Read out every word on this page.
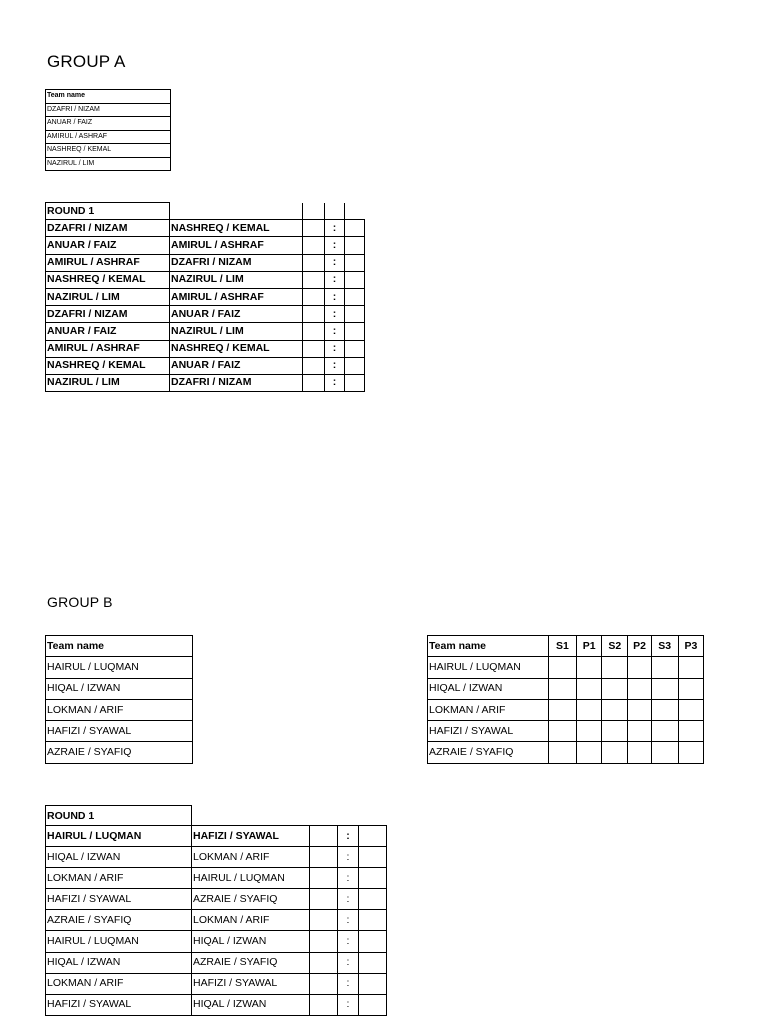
GROUP A
Team name
DZAFRI / NIZAM
ANUAR / FAIZ
AMIRUL / ASHRAF
NASHREQ / KEMAL
NAZIRUL / LIM
ROUND 1				
DZAFRI / NIZAM	NASHREQ / KEMAL		:	
ANUAR / FAIZ	AMIRUL / ASHRAF		:	
AMIRUL / ASHRAF	DZAFRI / NIZAM		:	
NASHREQ / KEMAL	NAZIRUL / LIM		:	
NAZIRUL / LIM	AMIRUL / ASHRAF		:	
DZAFRI / NIZAM	ANUAR / FAIZ		:	
ANUAR / FAIZ	NAZIRUL / LIM		:	
AMIRUL / ASHRAF	NASHREQ / KEMAL		:	
NASHREQ / KEMAL	ANUAR / FAIZ		:	
NAZIRUL / LIM	DZAFRI / NIZAM		:	
GROUP B
Team name
HAIRUL / LUQMAN
HIQAL / IZWAN
LOKMAN / ARIF
HAFIZI / SYAWAL
AZRAIE / SYAFIQ
Team name	S1	P1	S2	P2	S3	P3
HAIRUL / LUQMAN						
HIQAL / IZWAN						
LOKMAN / ARIF						
HAFIZI / SYAWAL						
AZRAIE / SYAFIQ						
ROUND 1
HAIRUL / LUQMAN	HAFIZI / SYAWAL		:	
HIQAL / IZWAN	LOKMAN / ARIF		:	
LOKMAN / ARIF	HAIRUL / LUQMAN		:	
HAFIZI / SYAWAL	AZRAIE / SYAFIQ		:	
AZRAIE / SYAFIQ	LOKMAN / ARIF		:	
HAIRUL / LUQMAN	HIQAL / IZWAN		:	
HIQAL / IZWAN	AZRAIE / SYAFIQ		:	
LOKMAN / ARIF	HAFIZI / SYAWAL		:	
HAFIZI / SYAWAL	HIQAL / IZWAN		:	
